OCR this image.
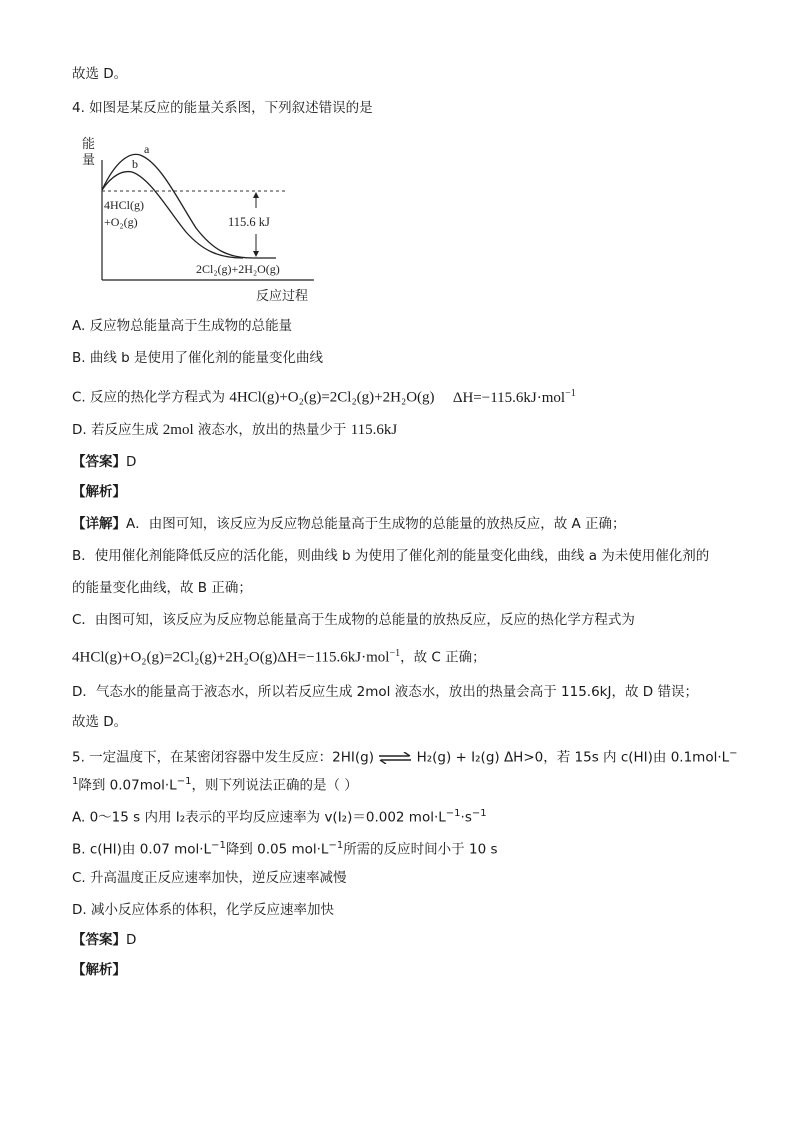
故选 D。
4. 如图是某反应的能量关系图，下列叙述错误的是
能
量
a
b
4HCl(g)
+O₂(g)	115.6 kJ
2Cl₂(g)+2H₂O(g)
反应过程
A. 反应物总能量高于生成物的总能量
B. 曲线 b 是使用了催化剂的能量变化曲线
C. 反应的热化学方程式为 4HCl(g)+O₂(g)=2Cl₂(g)+2H₂O(g) ΔH=−115.6kJ·mol$^{-1}$
D. 若反应生成 2mol 液态水，放出的热量少于 115.6kJ
【答案】D
【解析】
【详解】A．由图可知，该反应为反应物总能量高于生成物的总能量的放热反应，故 A 正确；
B．使用催化剂能降低反应的活化能，则曲线 b 为使用了催化剂的能量变化曲线，曲线 a 为未使用催化剂的
的能量变化曲线，故 B 正确；
C．由图可知，该反应为反应物总能量高于生成物的总能量的放热反应，反应的热化学方程式为
4HCl(g)+O₂(g)=2Cl₂(g)+2H₂O(g)ΔH=−115.6kJ·mol$^{-1}$，故 C 正确；
D．气态水的能量高于液态水，所以若反应生成 2mol 液态水，放出的热量会高于 115.6kJ，故 D 错误；
故选 D。
5. 一定温度下，在某密闭容器中发生反应：2HI(g) ⇌ H₂(g) + I₂(g) ΔH>0，若 15s 内 c(HI)由 0.1mol·L−
$^1$降到 $0.07mol\cdot L^{-1}$，则下列说法正确的是（ ）
A. 0～15 s 内用 I₂表示的平均反应速率为 v(I₂)＝0.002 $mol\cdot L^{-1}\cdot s^{-1}$
B. c(HI)由 0.07 $mol\cdot L^{-1}$降到 0.05 $mol\cdot L^{-1}$所需的反应时间小于 10 s
C. 升高温度正反应速率加快，逆反应速率减慢
D. 减小反应体系的体积，化学反应速率加快
【答案】D
【解析】
